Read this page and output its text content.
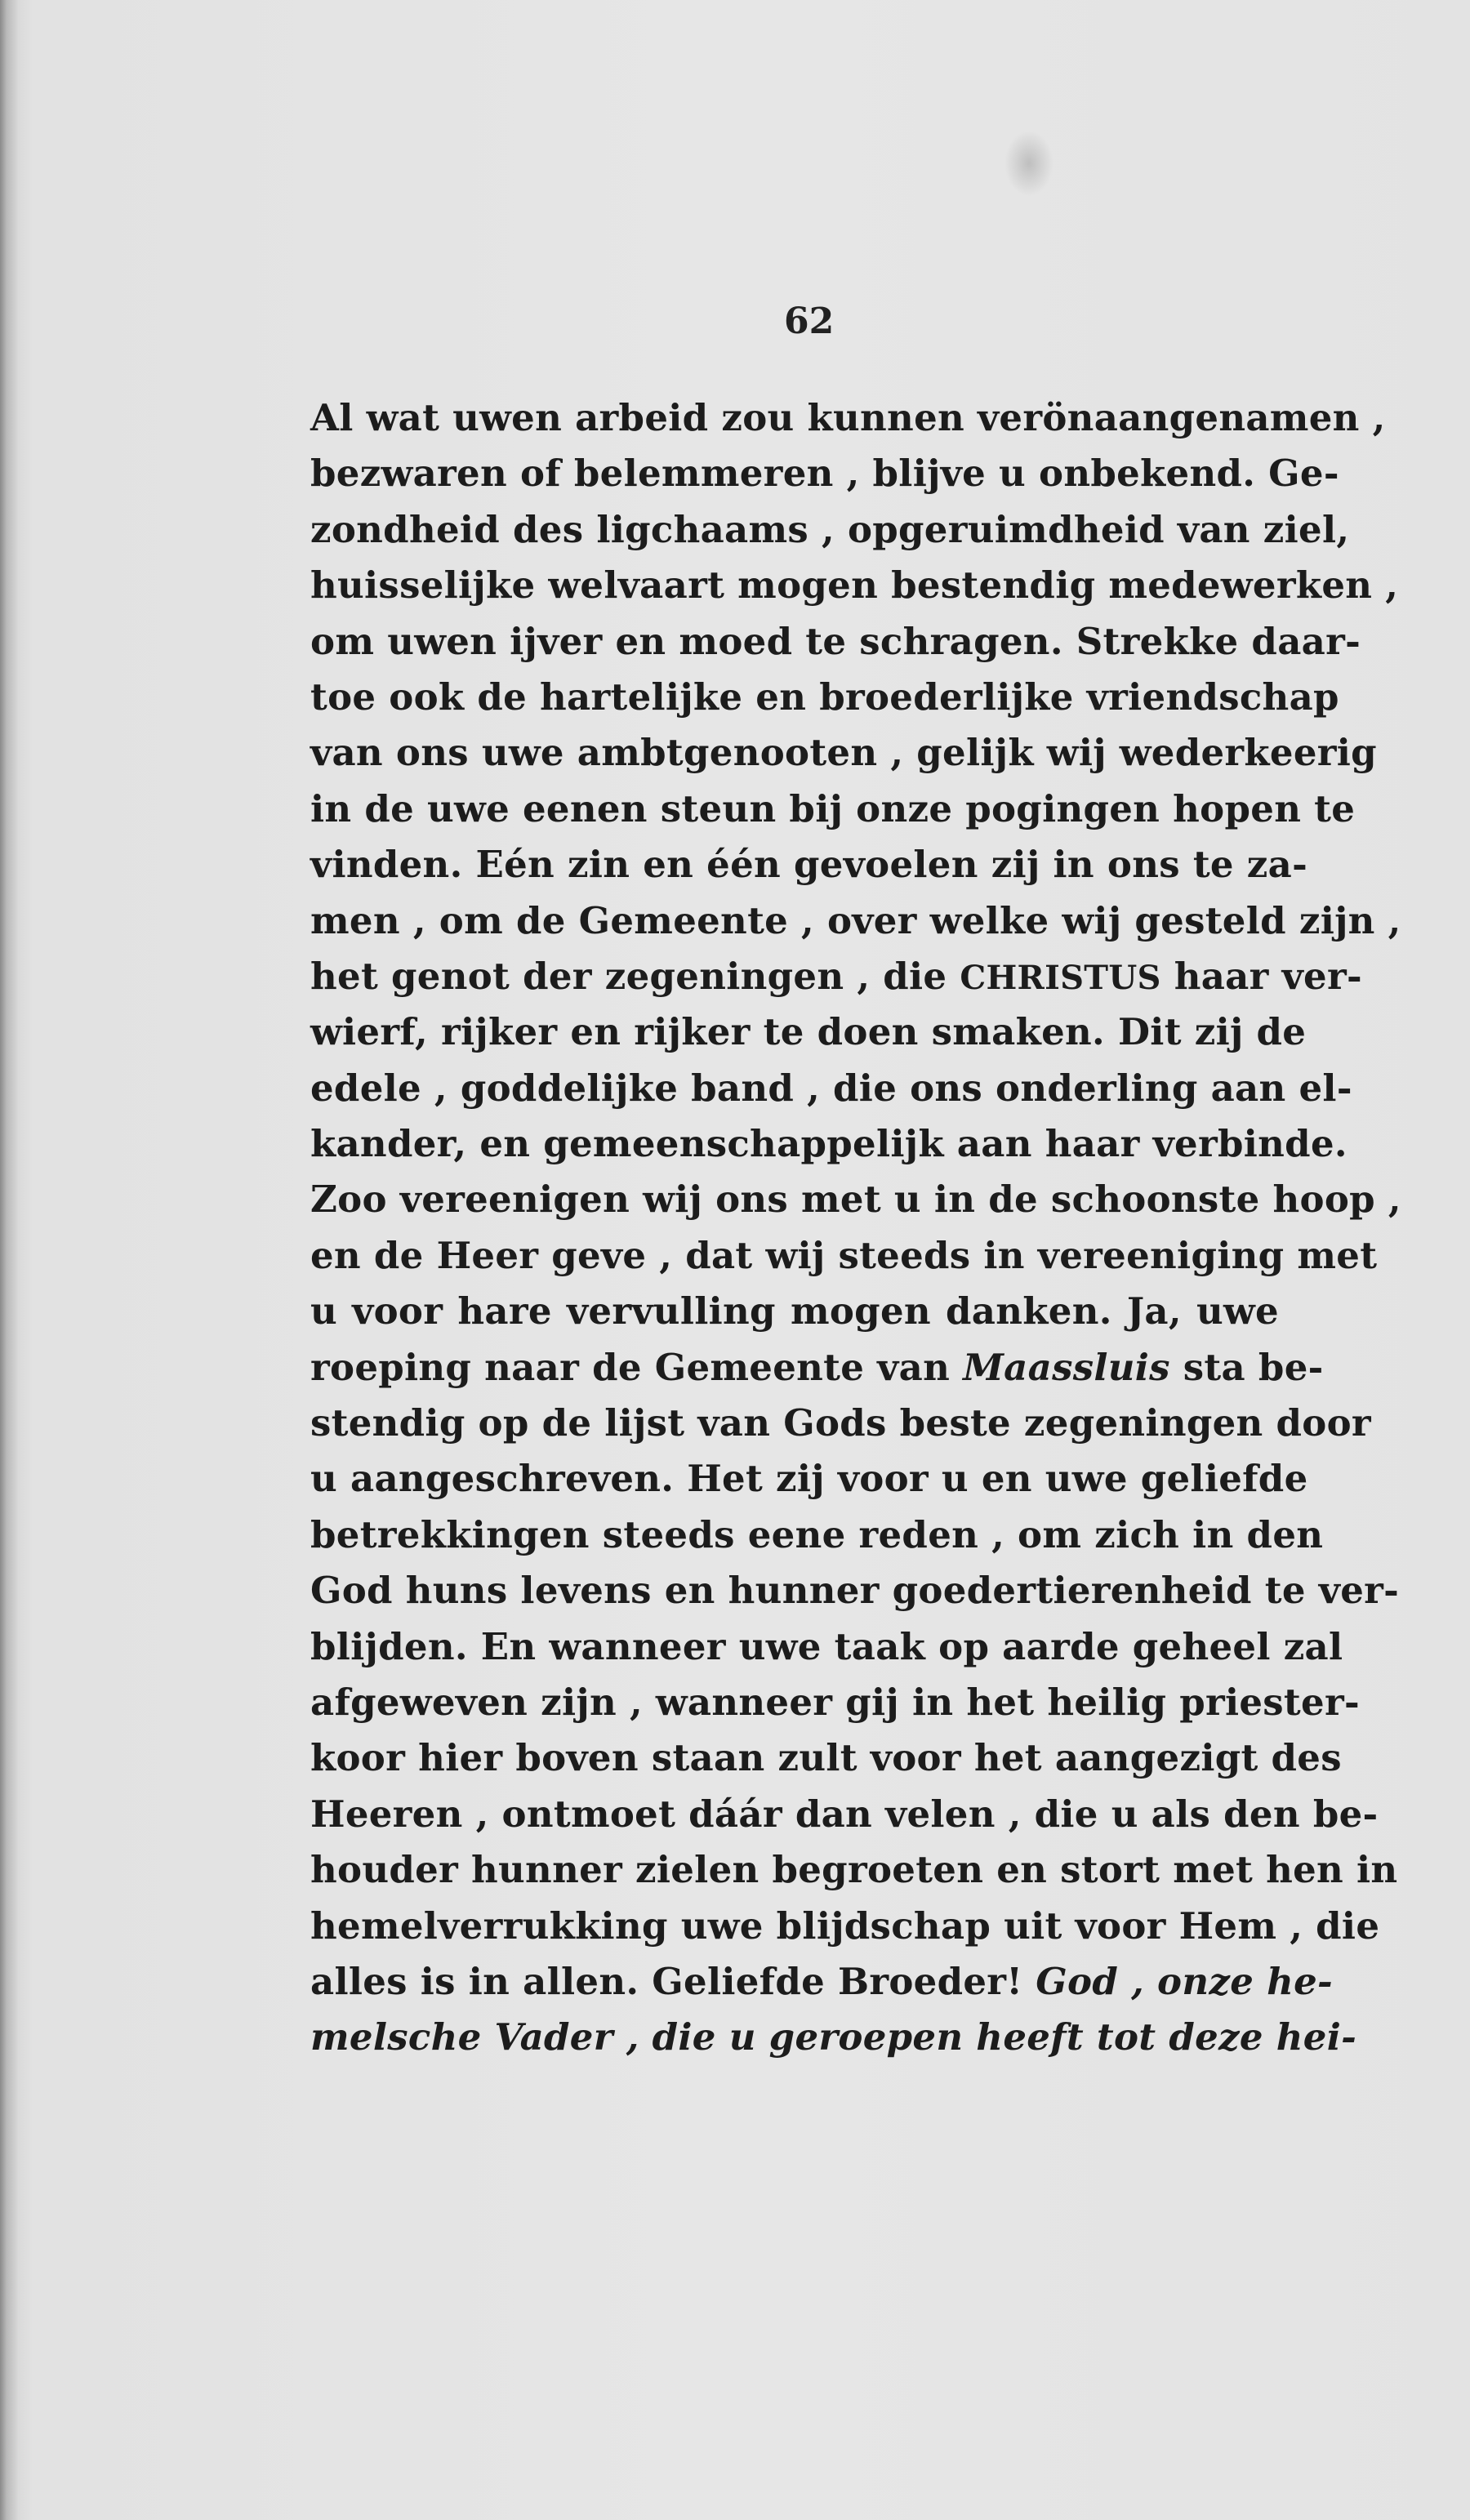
62
Al wat uwen arbeid zou kunnen verönaangenamen ,
bezwaren of belemmeren , blijve u onbekend. Ge-
zondheid des ligchaams , opgeruimdheid van ziel,
huisselijke welvaart mogen bestendig medewerken ,
om uwen ijver en moed te schragen. Strekke daar-
toe ook de hartelijke en broederlijke vriendschap
van ons uwe ambtgenooten , gelijk wij wederkeerig
in de uwe eenen steun bij onze pogingen hopen te
vinden. Eén zin en één gevoelen zij in ons te za-
men , om de Gemeente , over welke wij gesteld zijn ,
het genot der zegeningen , die CHRISTUS haar ver-
wierf, rijker en rijker te doen smaken. Dit zij de
edele , goddelijke band , die ons onderling aan el-
kander, en gemeenschappelijk aan haar verbinde.
Zoo vereenigen wij ons met u in de schoonste hoop ,
en de Heer geve , dat wij steeds in vereeniging met
u voor hare vervulling mogen danken. Ja, uwe
roeping naar de Gemeente van Maassluis sta be-
stendig op de lijst van Gods beste zegeningen door
u aangeschreven. Het zij voor u en uwe geliefde
betrekkingen steeds eene reden , om zich in den
God huns levens en hunner goedertierenheid te ver-
blijden. En wanneer uwe taak op aarde geheel zal
afgeweven zijn , wanneer gij in het heilig priester-
koor hier boven staan zult voor het aangezigt des
Heeren , ontmoet dáár dan velen , die u als den be-
houder hunner zielen begroeten en stort met hen in
hemelverrukking uwe blijdschap uit voor Hem , die
alles is in allen. Geliefde Broeder! God , onze he-
melsche Vader , die u geroepen heeft tot deze hei-
